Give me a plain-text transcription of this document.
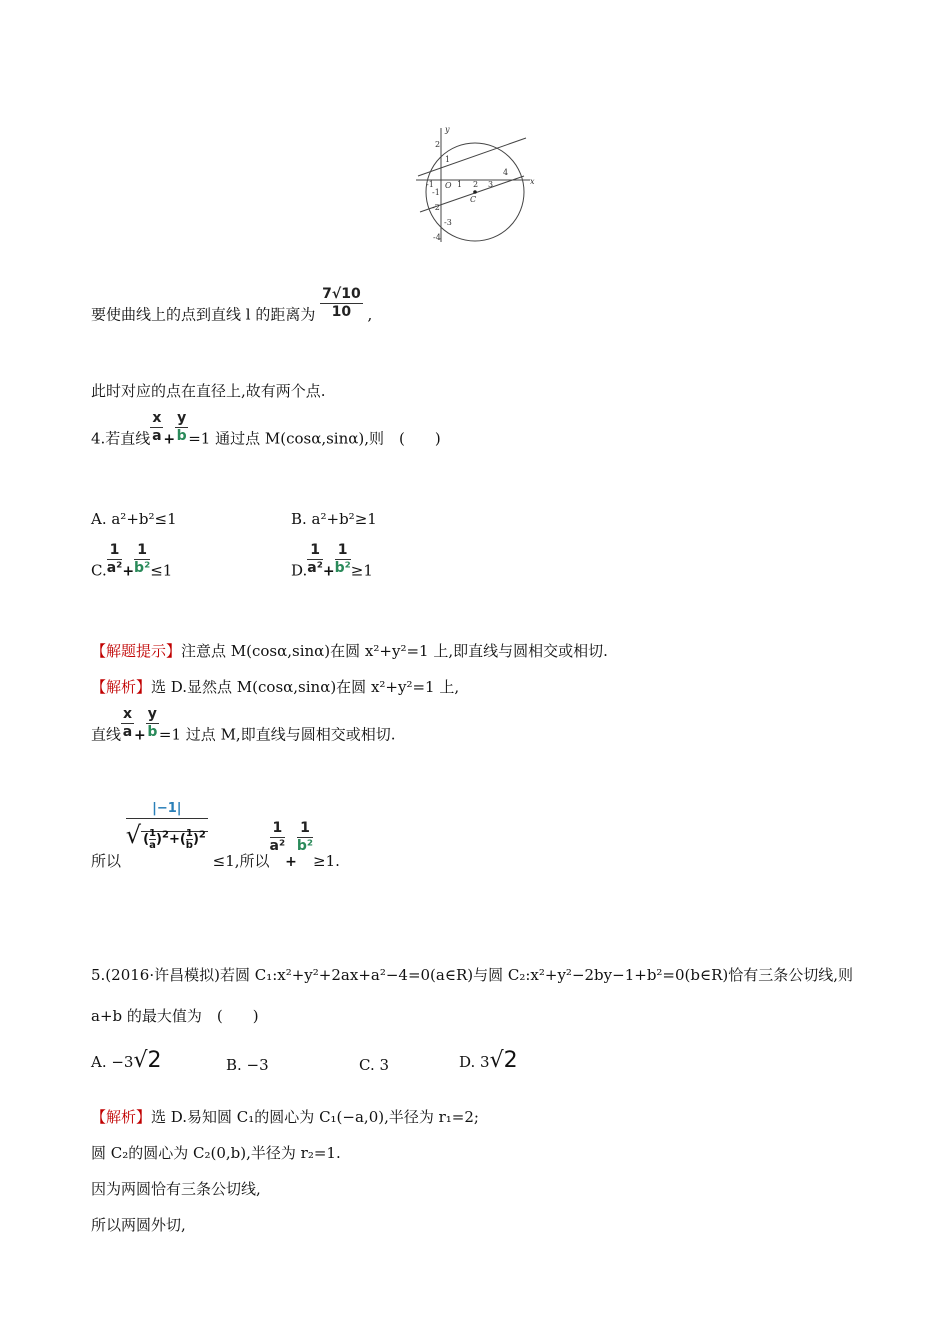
y
x
O
C
2
1
-1
-2
-3
-4
-1	1 2 3
4
要使曲线上的点到直线 l 的距离为 $\frac{7√10}{10}$ ,
此时对应的点在直径上,故有两个点.
4.若直线 $\frac{x}{a} + \frac{y}{b} =1$ 通过点 M(cosα,sinα),则　(　　)
A. a²+b²≤1	B. a²+b²≥1
C. $\frac{1}{\text{a²}} + \frac{1}{\text{b²}} \le 1$	D. $\frac{1}{\text{a²}} + \frac{1}{\text{b²}} \ge 1$
【解题提示】注意点 M(cosα,sinα)在圆 x²+y²=1 上,即直线与圆相交或相切.
【解析】选 D.显然点 M(cosα,sinα)在圆 x²+y²=1 上,
直线 $\frac{x}{a} + \frac{y}{b} =1$ 过点 M,即直线与圆相交或相切.
所以
$\frac{|-1|}{√ ( \frac{1}{a} )^2+( \frac{1}{b} )^2}$
≤1,所以
$\frac{1}{\text{a²}}$
+
$\frac{1}{\text{b²}}$
≥1.
5.(2016·许昌模拟)若圆 C₁:x²+y²+2ax+a²−4=0(a∈R)与圆 C₂:x²+y²−2by−1+b²=0(b∈R)恰有三条公切线,则
a+b 的最大值为　(　　)
A. −3√2	B. −3	C. 3	D. 3√2
【解析】选 D.易知圆 C₁的圆心为 C₁(−a,0),半径为 r₁=2;
圆 C₂的圆心为 C₂(0,b),半径为 r₂=1.
因为两圆恰有三条公切线,
所以两圆外切,
